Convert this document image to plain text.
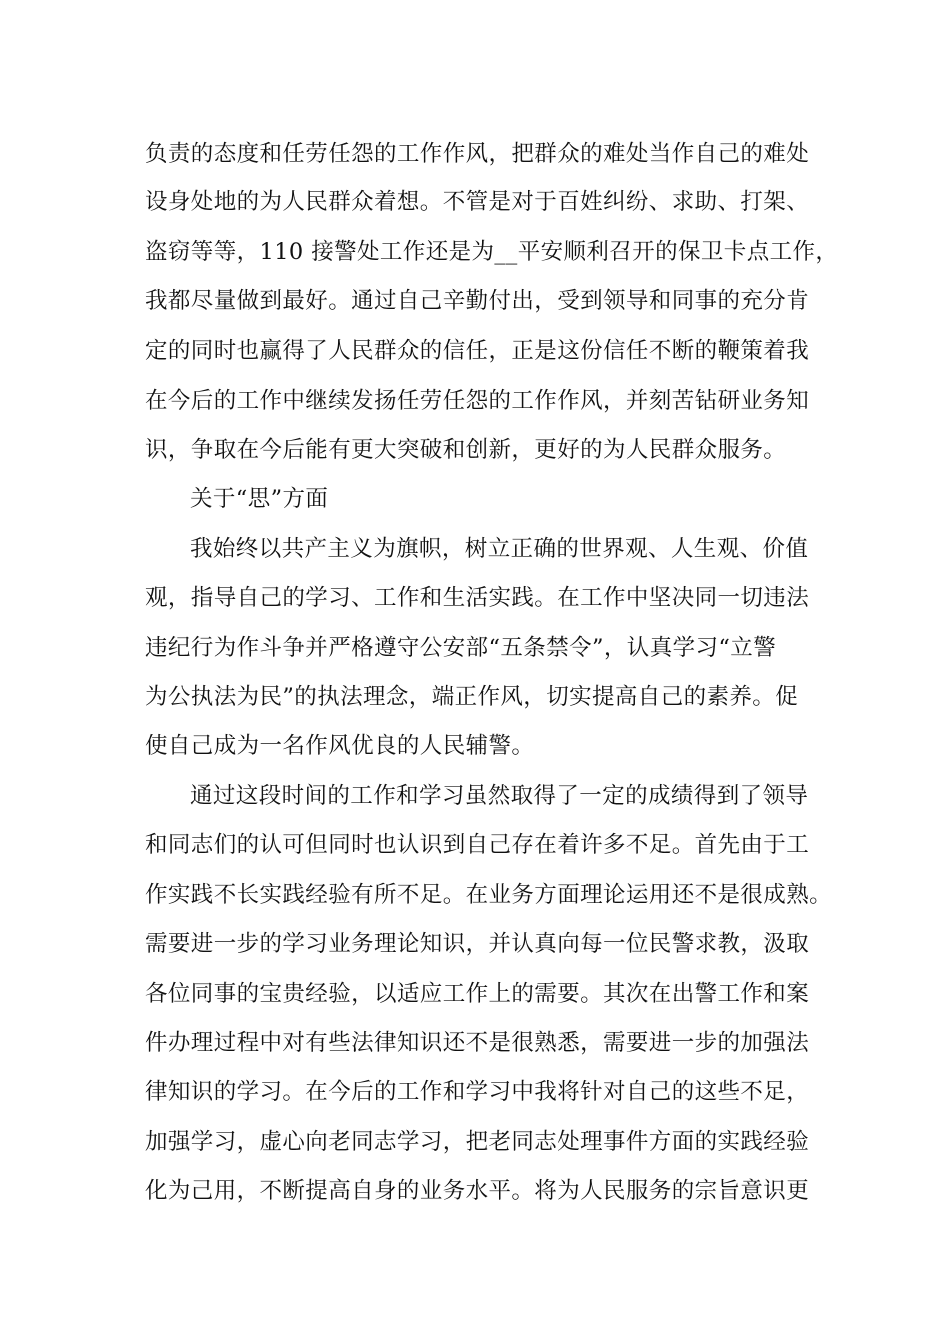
负责的态度和任劳任怨的工作作风，把群众的难处当作自己的难处
设身处地的为人民群众着想。不管是对于百姓纠纷、求助、打架、
盗窃等等，110 接警处工作还是为__平安顺利召开的保卫卡点工作，
我都尽量做到最好。通过自己辛勤付出，受到领导和同事的充分肯
定的同时也赢得了人民群众的信任，正是这份信任不断的鞭策着我
在今后的工作中继续发扬任劳任怨的工作作风，并刻苦钻研业务知
识，争取在今后能有更大突破和创新，更好的为人民群众服务。
关于“思”方面
我始终以共产主义为旗帜，树立正确的世界观、人生观、价值
观，指导自己的学习、工作和生活实践。在工作中坚决同一切违法
违纪行为作斗争并严格遵守公安部“五条禁令”，认真学习“立警
为公执法为民”的执法理念，端正作风，切实提高自己的素养。促
使自己成为一名作风优良的人民辅警。
通过这段时间的工作和学习虽然取得了一定的成绩得到了领导
和同志们的认可但同时也认识到自己存在着许多不足。首先由于工
作实践不长实践经验有所不足。在业务方面理论运用还不是很成熟。
需要进一步的学习业务理论知识，并认真向每一位民警求教，汲取
各位同事的宝贵经验，以适应工作上的需要。其次在出警工作和案
件办理过程中对有些法律知识还不是很熟悉，需要进一步的加强法
律知识的学习。在今后的工作和学习中我将针对自己的这些不足，
加强学习，虚心向老同志学习，把老同志处理事件方面的实践经验
化为己用，不断提高自身的业务水平。将为人民服务的宗旨意识更
